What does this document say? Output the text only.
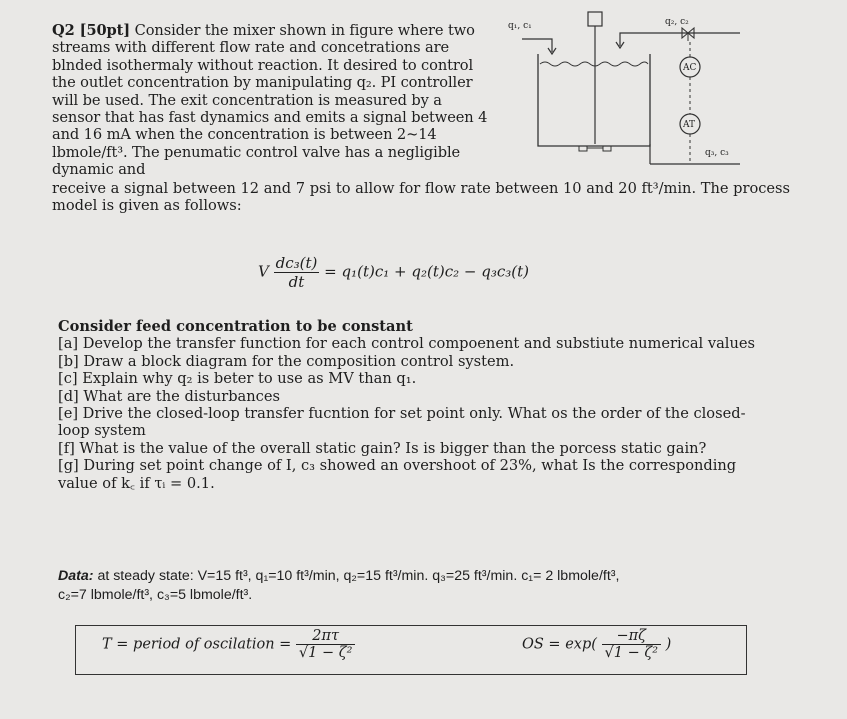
Q2 [50pt] Consider the mixer shown in figure where two streams with different flow rate and concetrations are blnded isothermaly without reaction. It desired to control the outlet concentration by manipulating q₂. PI controller will be used. The exit concentration is measured by a sensor that has fast dynamics and emits a signal between 4 and 16 mA when the concentration is between 2~14 lbmole/ft³. The penumatic control valve has a negligible dynamic and
q₁, c₁	q₂, c₂
q₃, c₃
AC
AT
receive a signal between 12 and 7 psi to allow for flow rate between 10 and 20 ft³/min. The process model is given as follows:
V $\frac{\text{dc₃(t)}}{dt} = q_1(t)c_1 + q_2(t)c_2 - q_3c_3(t)$
Consider feed concentration to be constant
[a] Develop the transfer function for each control compoenent and substiute numerical values
[b] Draw a block diagram for the composition control system.
[c] Explain why q₂ is beter to use as MV than q₁.
[d] What are the disturbances
[e] Drive the closed-loop transfer fucntion for set point only. What os the order of the closed-
loop system
[f] What is the value of the overall static gain? Is is bigger than the porcess static gain?
[g] During set point change of I, c₃ showed an overshoot of 23%, what Is the corresponding
value of k꜀ if τᵢ = 0.1.
Data: at steady state: V=15 ft³, q₁=10 ft³/min, q₂=15 ft³/min. q₃=25 ft³/min. c₁= 2 lbmole/ft³,
c₂=7 lbmole/ft³, c₃=5 lbmole/ft³.
T = period of oscilation = $\frac{2\pi\tau}{\text{√1 − ζ²}}$	OS = $\exp( \frac{-\pi\zeta}{\text{√1 − ζ²}}$ )
